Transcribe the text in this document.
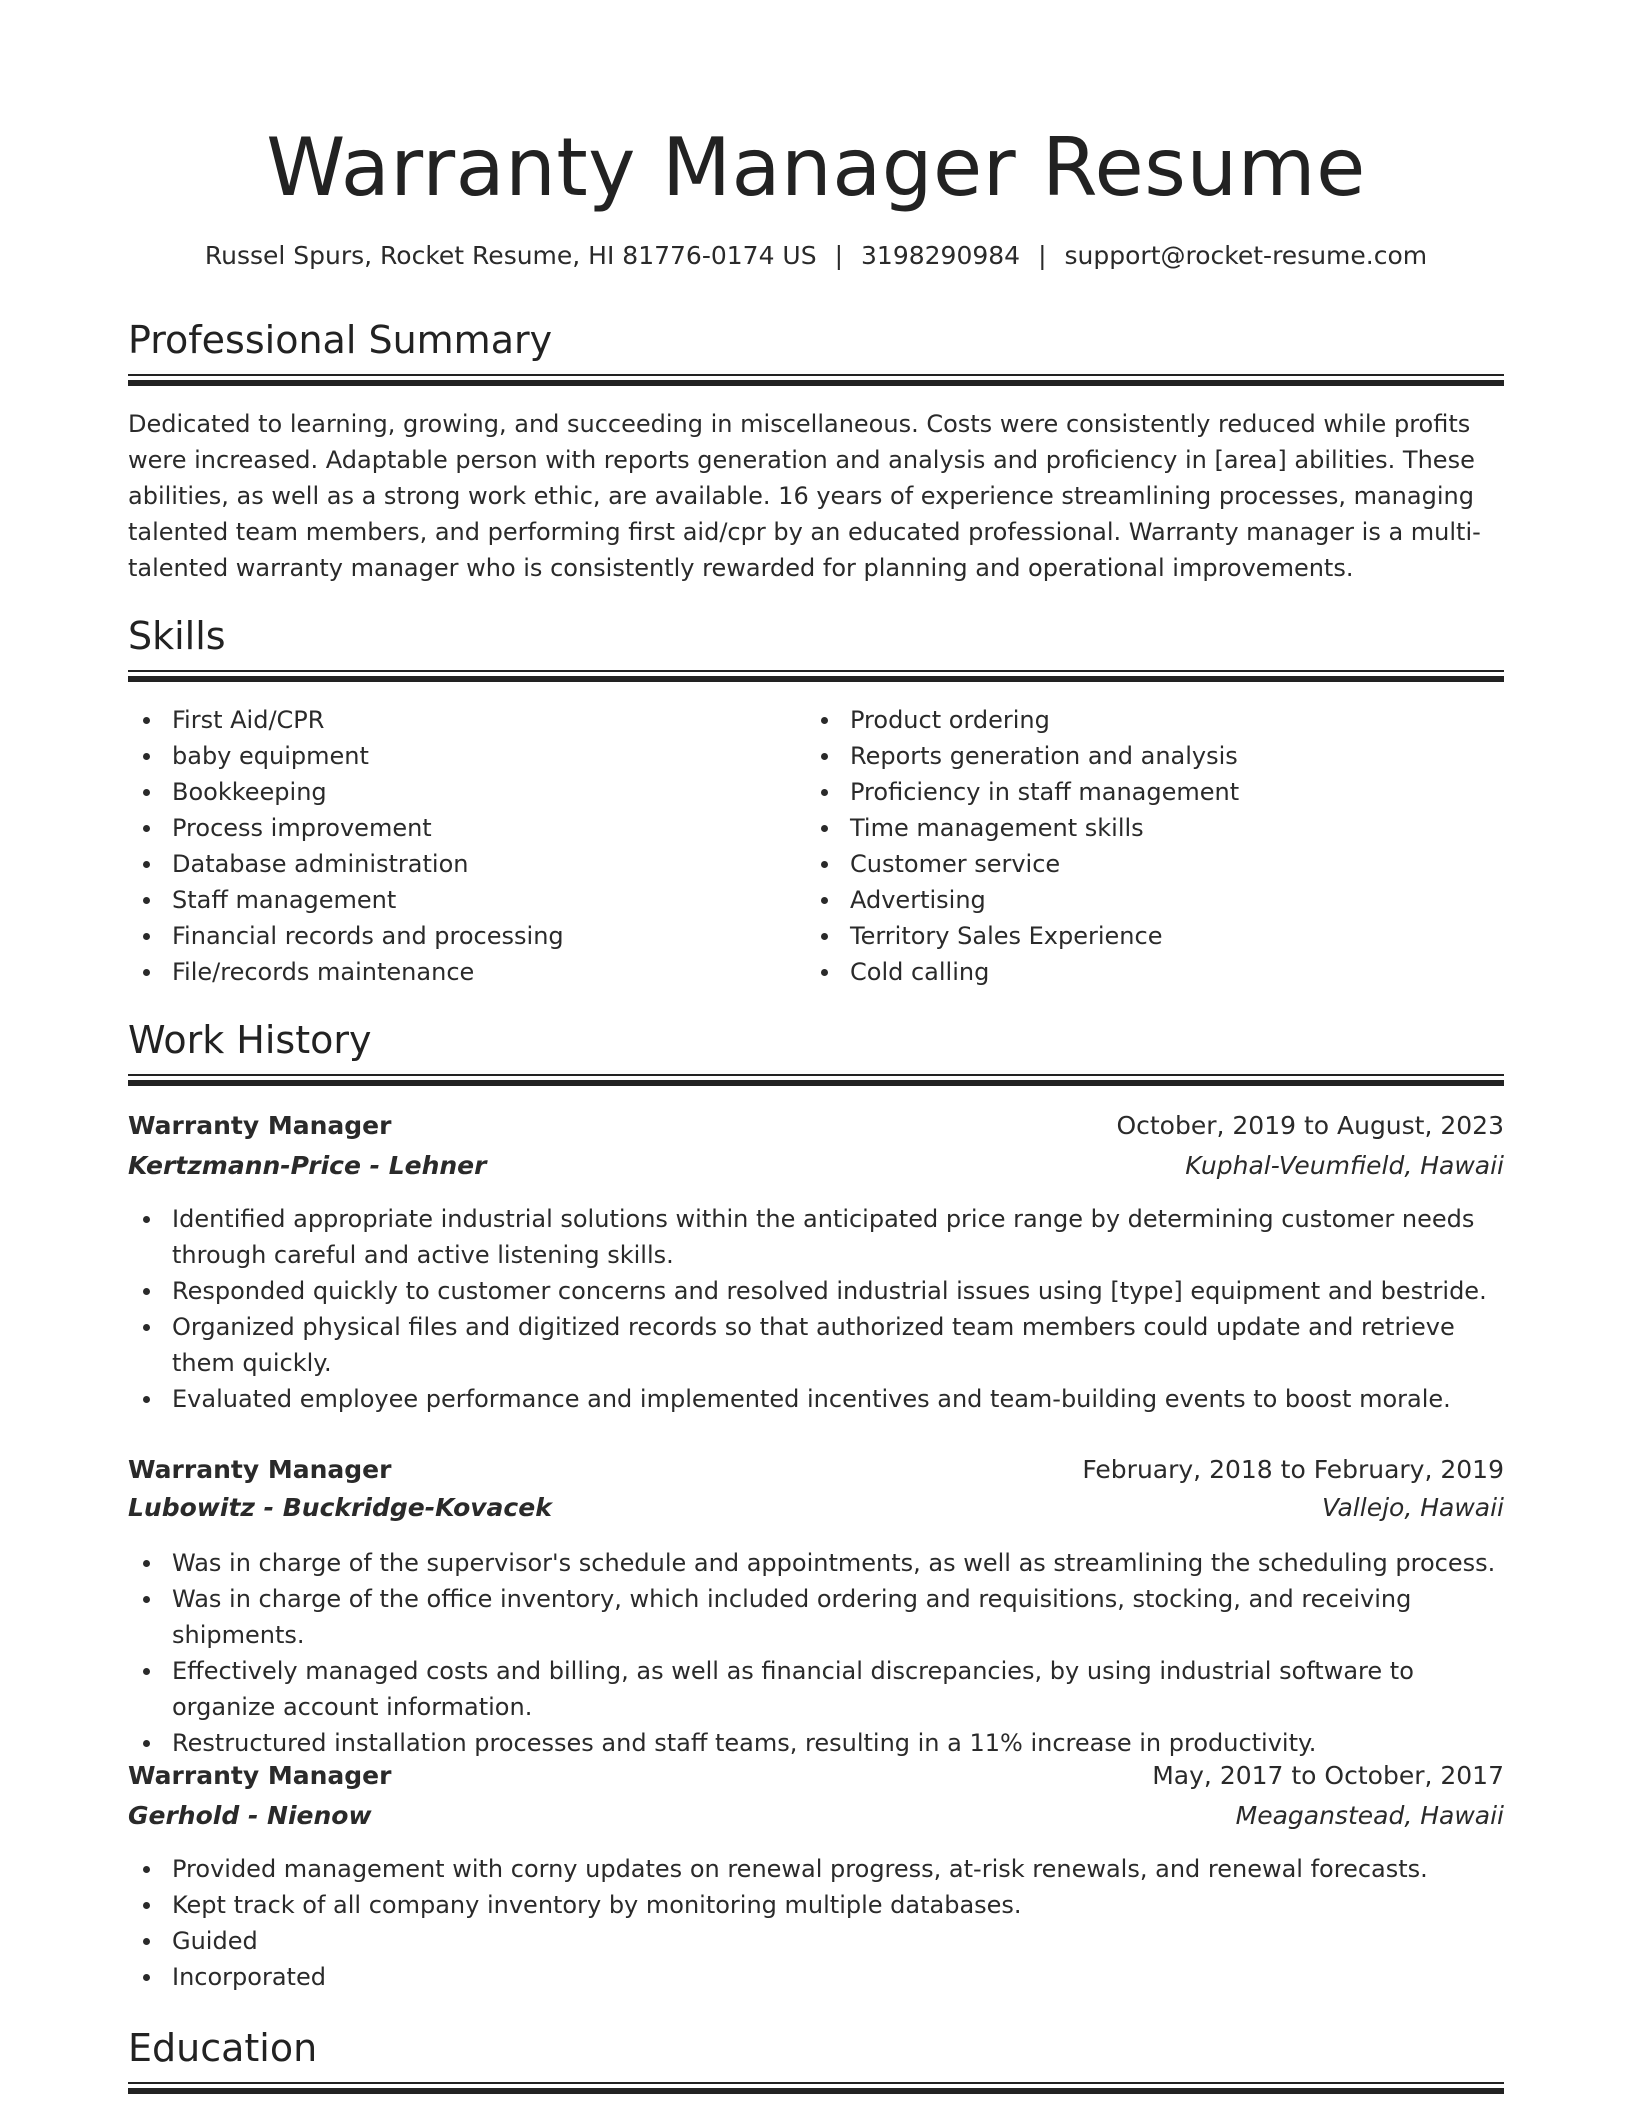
Warranty Manager Resume
Russel Spurs, Rocket Resume, HI 81776-0174 US | 3198290984 | support@rocket-resume.com
Professional Summary

Dedicated to learning, growing, and succeeding in miscellaneous. Costs were consistently reduced while profits were increased. Adaptable person with reports generation and analysis and proficiency in [area] abilities. These abilities, as well as a strong work ethic, are available. 16 years of experience streamlining processes, managing talented team members, and performing first aid/cpr by an educated professional. Warranty manager is a multi-talented warranty manager who is consistently rewarded for planning and operational improvements.

Skills
First Aid/CPR
baby equipment
Bookkeeping
Process improvement
Database administration
Staff management
Financial records and processing
File/records maintenance
Product ordering
Reports generation and analysis
Proficiency in staff management
Time management skills
Customer service
Advertising
Territory Sales Experience
Cold calling
Work History
Warranty Manager	October, 2019 to August, 2023
Kertzmann-Price - Lehner	Kuphal-Veumfield, Hawaii
Identified appropriate industrial solutions within the anticipated price range by determining customer needs through careful and active listening skills.
Responded quickly to customer concerns and resolved industrial issues using [type] equipment and bestride.
Organized physical files and digitized records so that authorized team members could update and retrieve them quickly.
Evaluated employee performance and implemented incentives and team-building events to boost morale.
Warranty Manager	February, 2018 to February, 2019
Lubowitz - Buckridge-Kovacek	Vallejo, Hawaii
Was in charge of the supervisor's schedule and appointments, as well as streamlining the scheduling process.
Was in charge of the office inventory, which included ordering and requisitions, stocking, and receiving shipments.
Effectively managed costs and billing, as well as financial discrepancies, by using industrial software to organize account information.
Restructured installation processes and staff teams, resulting in a 11% increase in productivity.
Warranty Manager	May, 2017 to October, 2017
Gerhold - Nienow	Meaganstead, Hawaii
Provided management with corny updates on renewal progress, at-risk renewals, and renewal forecasts.
Kept track of all company inventory by monitoring multiple databases.
Guided
Incorporated
Education
